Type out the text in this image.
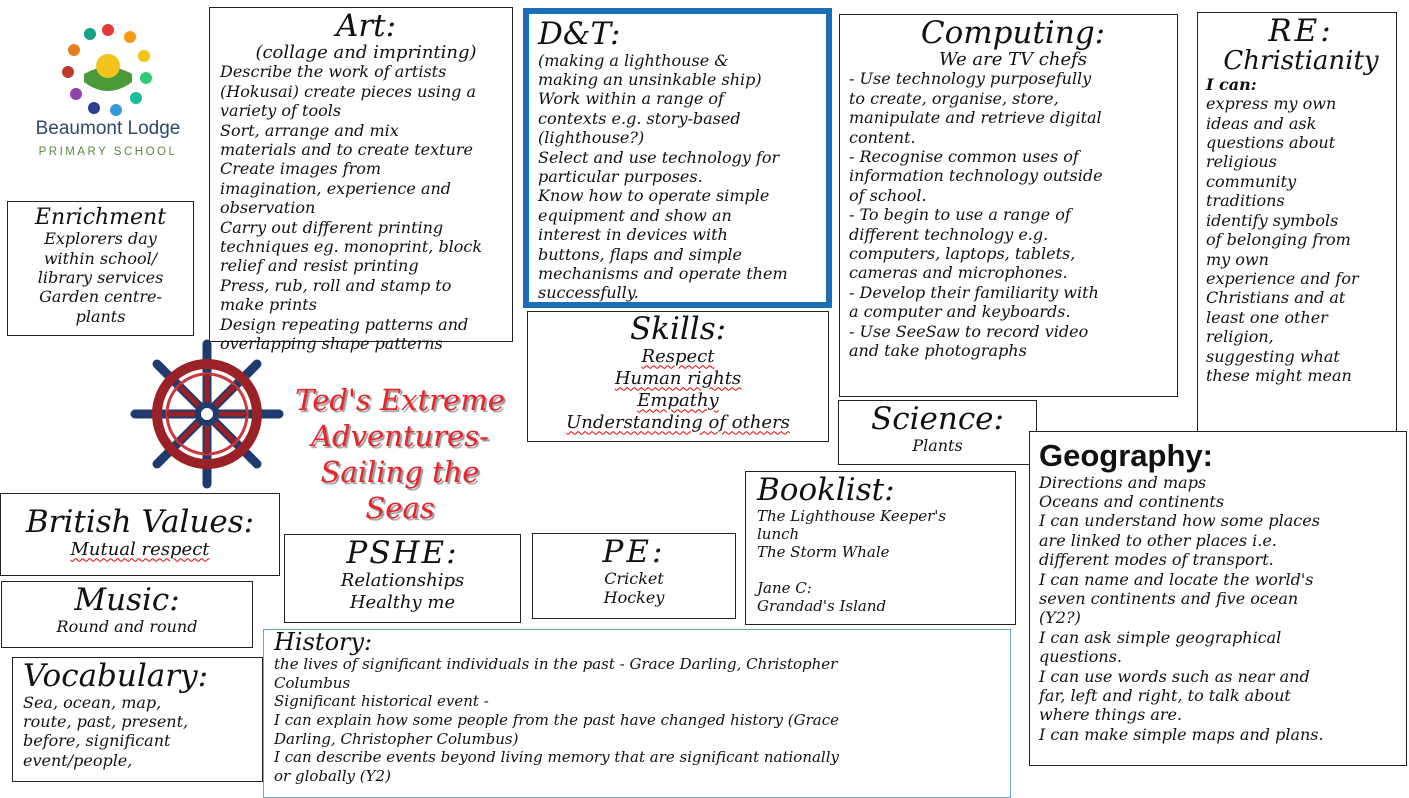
Beaumont Lodge
PRIMARY SCHOOL
Enrichment
Explorers day
within school/
library services
Garden centre-
plants
Art:
(collage and imprinting)
Describe the work of artists
(Hokusai) create pieces using a
variety of tools
Sort, arrange and mix
materials and to create texture
Create images from
imagination, experience and
observation
Carry out different printing
techniques eg. monoprint, block
relief and resist printing
Press, rub, roll and stamp to
make prints
Design repeating patterns and
overlapping shape patterns
D&T:
(making a lighthouse &
making an unsinkable ship)
Work within a range of
contexts e.g. story-based
(lighthouse?)
Select and use technology for
particular purposes.
Know how to operate simple
equipment and show an
interest in devices with
buttons, flaps and simple
mechanisms and operate them
successfully.
Computing:
We are TV chefs
- Use technology purposefully
to create, organise, store,
manipulate and retrieve digital
content.
- Recognise common uses of
information technology outside
of school.
- To begin to use a range of
different technology e.g.
computers, laptops, tablets,
cameras and microphones.
- Develop their familiarity with
a computer and keyboards.
- Use SeeSaw to record video
and take photographs
RE:
Christianity
I can:
express my own
ideas and ask
questions about
religious
community
traditions
identify symbols
of belonging from
my own
experience and for
Christians and at
least one other
religion,
suggesting what
these might mean
Ted's Extreme
Adventures-
Sailing the
Seas
Skills:
Respect
Human rights
Empathy
Understanding of others	Science:
Plants	Geography:
Directions and maps
Oceans and continents
I can understand how some places
are linked to other places i.e.
different modes of transport.
I can name and locate the world's
seven continents and five ocean
(Y2?)
I can ask simple geographical
questions.
I can use words such as near and
far, left and right, to talk about
where things are.
I can make simple maps and plans.
Booklist:
The Lighthouse Keeper's
lunch
The Storm Whale
Jane C:
Grandad's Island
British Values:
Mutual respect	PSHE:
Relationships
Healthy me
PE:
Cricket
Hockey
Music:
Round and round
Vocabulary:
Sea, ocean, map,
route, past, present,
before, significant
event/people,
History:
the lives of significant individuals in the past - Grace Darling, Christopher
Columbus
Significant historical event -
I can explain how some people from the past have changed history (Grace
Darling, Christopher Columbus)
I can describe events beyond living memory that are significant nationally
or globally (Y2)
